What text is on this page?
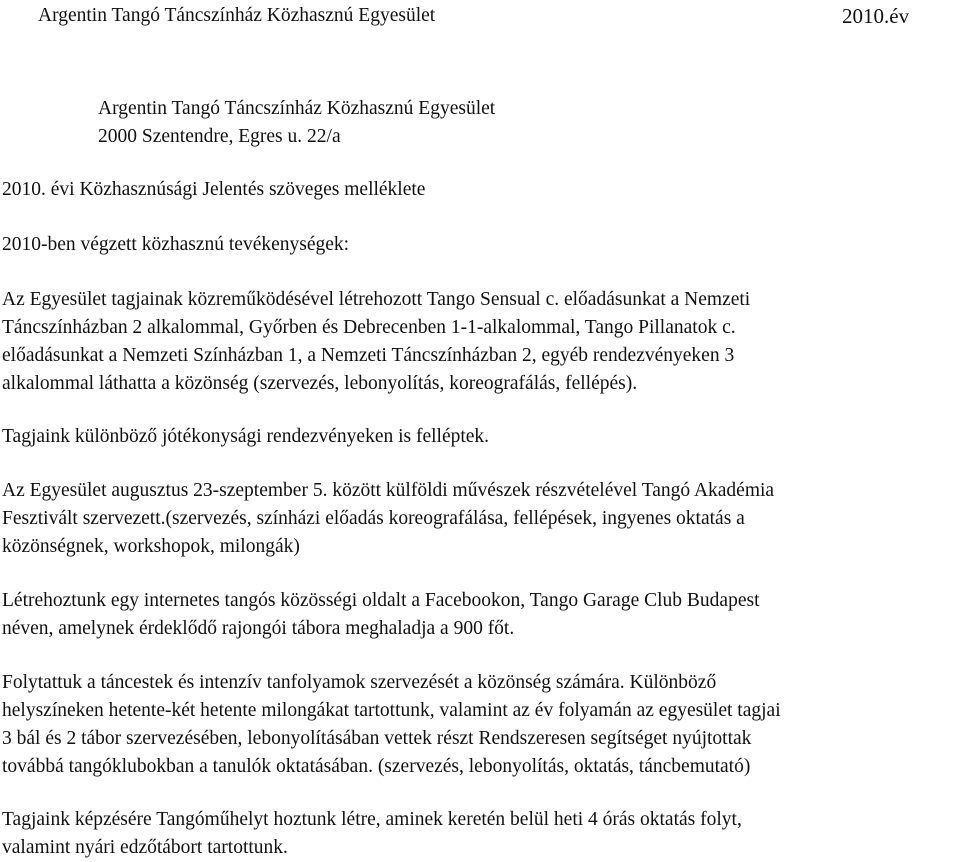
Argentin Tangó Táncszínház Közhasznú Egyesület	2010.év
Argentin Tangó Táncszínház Közhasznú Egyesület
2000 Szentendre, Egres u. 22/a
2010. évi Közhasznúsági Jelentés szöveges melléklete
2010-ben végzett közhasznú tevékenységek:
Az Egyesület tagjainak közreműködésével létrehozott Tango Sensual c. előadásunkat a Nemzeti
Táncszínházban 2 alkalommal, Győrben és Debrecenben 1-1-alkalommal, Tango Pillanatok c.
előadásunkat a Nemzeti Színházban 1, a Nemzeti Táncszínházban 2, egyéb rendezvényeken 3
alkalommal láthatta a közönség (szervezés, lebonyolítás, koreografálás, fellépés).
Tagjaink különböző jótékonysági rendezvényeken is felléptek.
Az Egyesület augusztus 23-szeptember 5. között külföldi művészek részvételével Tangó Akadémia
Fesztivált szervezett.(szervezés, színházi előadás koreografálása, fellépések, ingyenes oktatás a
közönségnek, workshopok, milongák)
Létrehoztunk egy internetes tangós közösségi oldalt a Facebookon, Tango Garage Club Budapest
néven, amelynek érdeklődő rajongói tábora meghaladja a 900 főt.
Folytattuk a táncestek és intenzív tanfolyamok szervezését a közönség számára. Különböző
helyszíneken hetente-két hetente milongákat tartottunk, valamint az év folyamán az egyesület tagjai
3 bál és 2 tábor szervezésében, lebonyolításában vettek részt Rendszeresen segítséget nyújtottak
továbbá tangóklubokban a tanulók oktatásában. (szervezés, lebonyolítás, oktatás, táncbemutató)
Tagjaink képzésére Tangóműhelyt hoztunk létre, aminek keretén belül heti 4 órás oktatás folyt,
valamint nyári edzőtábort tartottunk.
